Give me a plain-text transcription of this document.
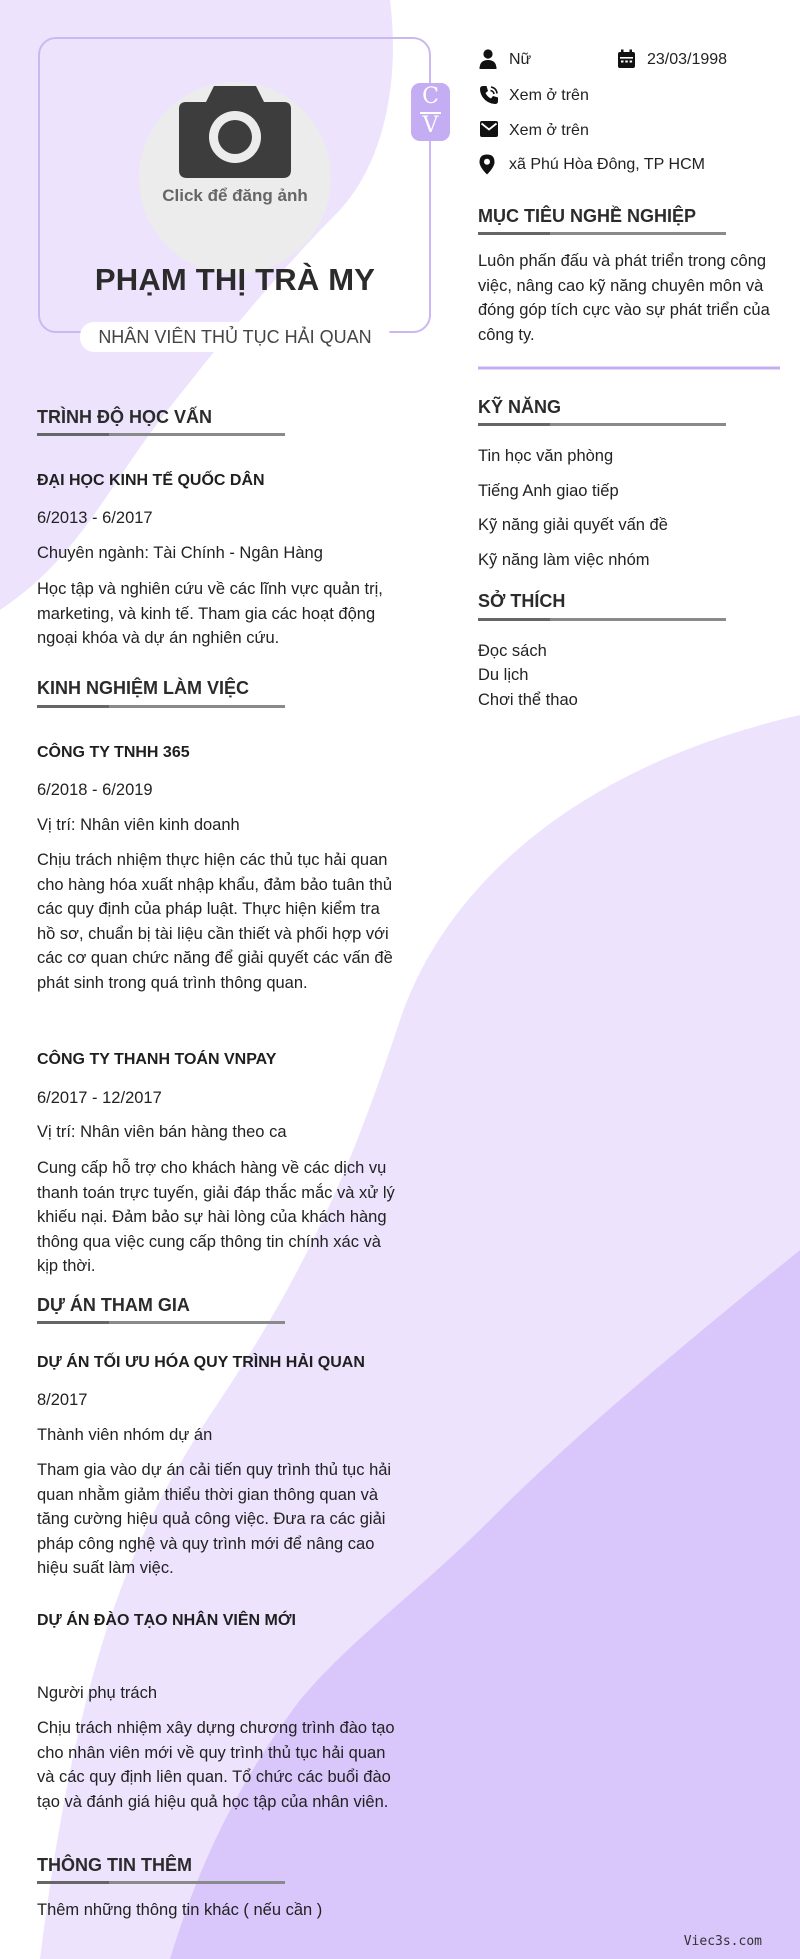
Click để đăng ảnh
PHẠM THỊ TRÀ MY
NHÂN VIÊN THỦ TỤC HẢI QUAN
C
V
Nữ	23/03/1998
Xem ở trên
Xem ở trên
xã Phú Hòa Đông, TP HCM
MỤC TIÊU NGHỀ NGHIỆP
Luôn phấn đấu và phát triển trong công việc, nâng cao kỹ năng chuyên môn và đóng góp tích cực vào sự phát triển của công ty.
KỸ NĂNG
Tin học văn phòng
Tiếng Anh giao tiếp
Kỹ năng giải quyết vấn đề
Kỹ năng làm việc nhóm
SỞ THÍCH
Đọc sách
Du lịch
Chơi thể thao
TRÌNH ĐỘ HỌC VẤN
ĐẠI HỌC KINH TẾ QUỐC DÂN
6/2013 - 6/2017
Chuyên ngành: Tài Chính - Ngân Hàng
Học tập và nghiên cứu về các lĩnh vực quản trị, marketing, và kinh tế. Tham gia các hoạt động ngoại khóa và dự án nghiên cứu.
KINH NGHIỆM LÀM VIỆC
CÔNG TY TNHH 365
6/2018 - 6/2019
Vị trí: Nhân viên kinh doanh
Chịu trách nhiệm thực hiện các thủ tục hải quan cho hàng hóa xuất nhập khẩu, đảm bảo tuân thủ các quy định của pháp luật. Thực hiện kiểm tra hồ sơ, chuẩn bị tài liệu cần thiết và phối hợp với các cơ quan chức năng để giải quyết các vấn đề phát sinh trong quá trình thông quan.
CÔNG TY THANH TOÁN VNPAY
6/2017 - 12/2017
Vị trí: Nhân viên bán hàng theo ca
Cung cấp hỗ trợ cho khách hàng về các dịch vụ thanh toán trực tuyến, giải đáp thắc mắc và xử lý khiếu nại. Đảm bảo sự hài lòng của khách hàng thông qua việc cung cấp thông tin chính xác và kịp thời.
DỰ ÁN THAM GIA
DỰ ÁN TỐI ƯU HÓA QUY TRÌNH HẢI QUAN
8/2017
Thành viên nhóm dự án
Tham gia vào dự án cải tiến quy trình thủ tục hải quan nhằm giảm thiểu thời gian thông quan và tăng cường hiệu quả công việc. Đưa ra các giải pháp công nghệ và quy trình mới để nâng cao hiệu suất làm việc.
DỰ ÁN ĐÀO TẠO NHÂN VIÊN MỚI
Người phụ trách
Chịu trách nhiệm xây dựng chương trình đào tạo cho nhân viên mới về quy trình thủ tục hải quan và các quy định liên quan. Tổ chức các buổi đào tạo và đánh giá hiệu quả học tập của nhân viên.
THÔNG TIN THÊM
Thêm những thông tin khác ( nếu cần )
Viec3s.com
